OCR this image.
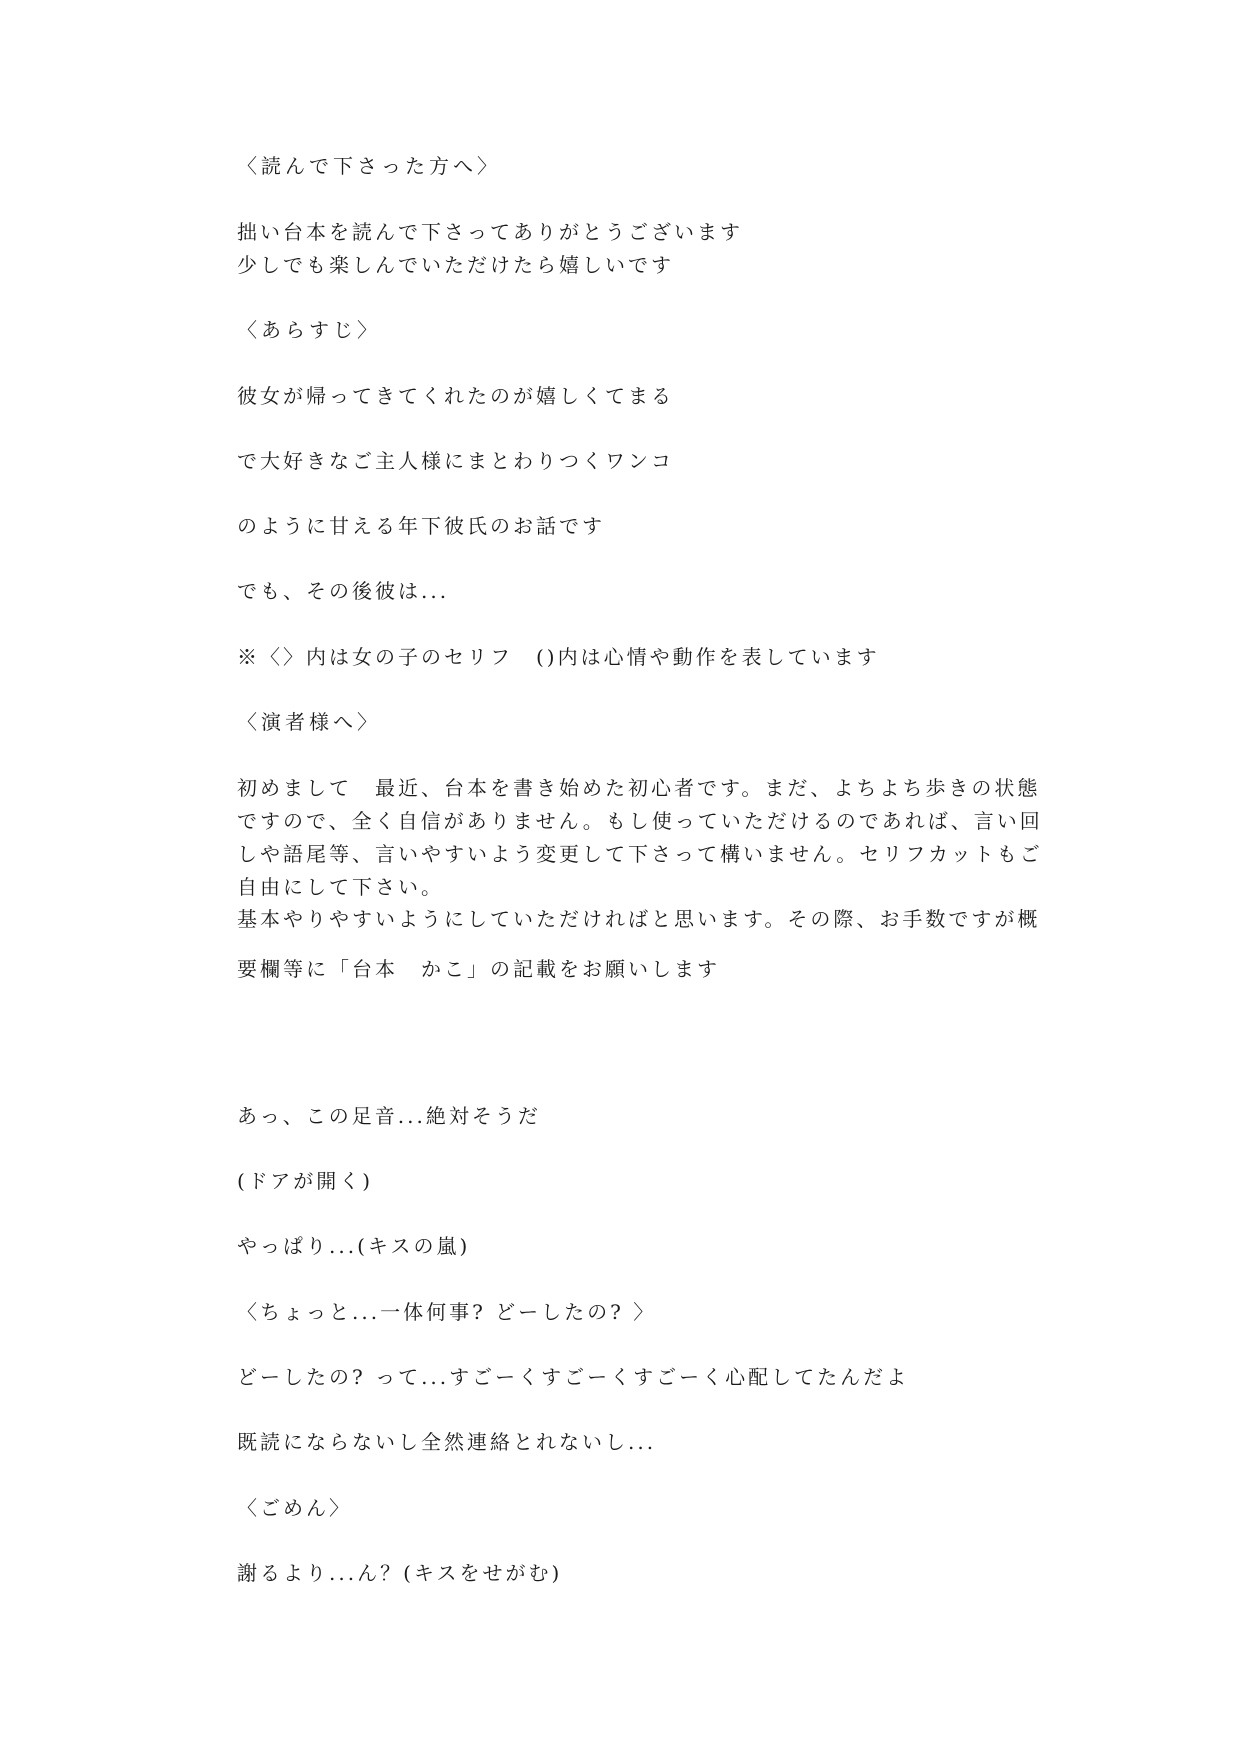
〈読んで下さった方へ〉

拙い台本を読んで下さってありがとうございます

少しでも楽しんでいただけたら嬉しいです

〈あらすじ〉

彼女が帰ってきてくれたのが嬉しくてまる

で大好きなご主人様にまとわりつくワンコ

のように甘える年下彼氏のお話です

でも、その後彼は...

※〈〉内は女の子のセリフ　()内は心情や動作を表しています

〈演者様へ〉

初めまして　最近、台本を書き始めた初心者です。まだ、よちよち歩きの状態

ですので、全く自信がありません。もし使っていただけるのであれば、言い回

しや語尾等、言いやすいよう変更して下さって構いません。セリフカットもご

自由にして下さい。

基本やりやすいようにしていただければと思います。その際、お手数ですが概

要欄等に「台本　かこ」の記載をお願いします

あっ、この足音...絶対そうだ

(ドアが開く)

やっぱり...(キスの嵐)

〈ちょっと...一体何事? どーしたの? 〉

どーしたの? って...すごーくすごーくすごーく心配してたんだよ

既読にならないし全然連絡とれないし...

〈ごめん〉

謝るより...ん？(キスをせがむ)
